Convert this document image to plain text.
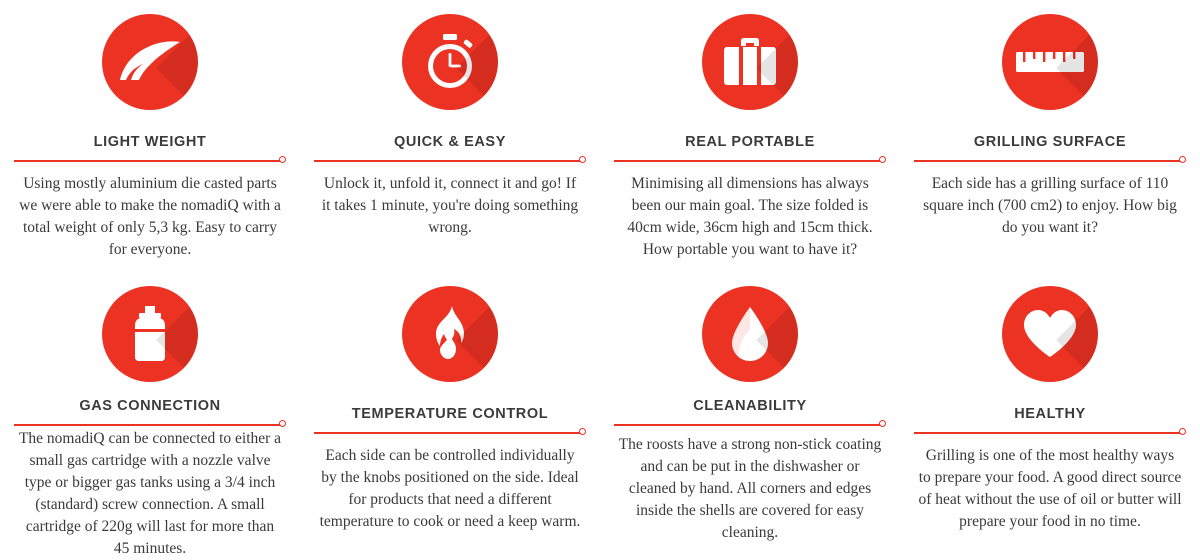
LIGHT WEIGHT
Using mostly aluminium die casted parts we were able to make the nomadiQ with a total weight of only 5,3 kg. Easy to carry for everyone.
QUICK & EASY
Unlock it, unfold it, connect it and go! If it takes 1 minute, you're doing something wrong.
REAL PORTABLE
Minimising all dimensions has always been our main goal. The size folded is 40cm wide, 36cm high and 15cm thick. How portable you want to have it?
GRILLING SURFACE
Each side has a grilling surface of 110 square inch (700 cm2) to enjoy. How big do you want it?
GAS CONNECTION
The nomadiQ can be connected to either a small gas cartridge with a nozzle valve type or bigger gas tanks using a 3/4 inch (standard) screw connection. A small cartridge of 220g will last for more than 45 minutes.
TEMPERATURE CONTROL
Each side can be controlled individually by the knobs positioned on the side. Ideal for products that need a different temperature to cook or need a keep warm.
CLEANABILITY
The roosts have a strong non-stick coating and can be put in the dishwasher or cleaned by hand. All corners and edges inside the shells are covered for easy cleaning.
HEALTHY
Grilling is one of the most healthy ways to prepare your food. A good direct source of heat without the use of oil or butter will prepare your food in no time.
